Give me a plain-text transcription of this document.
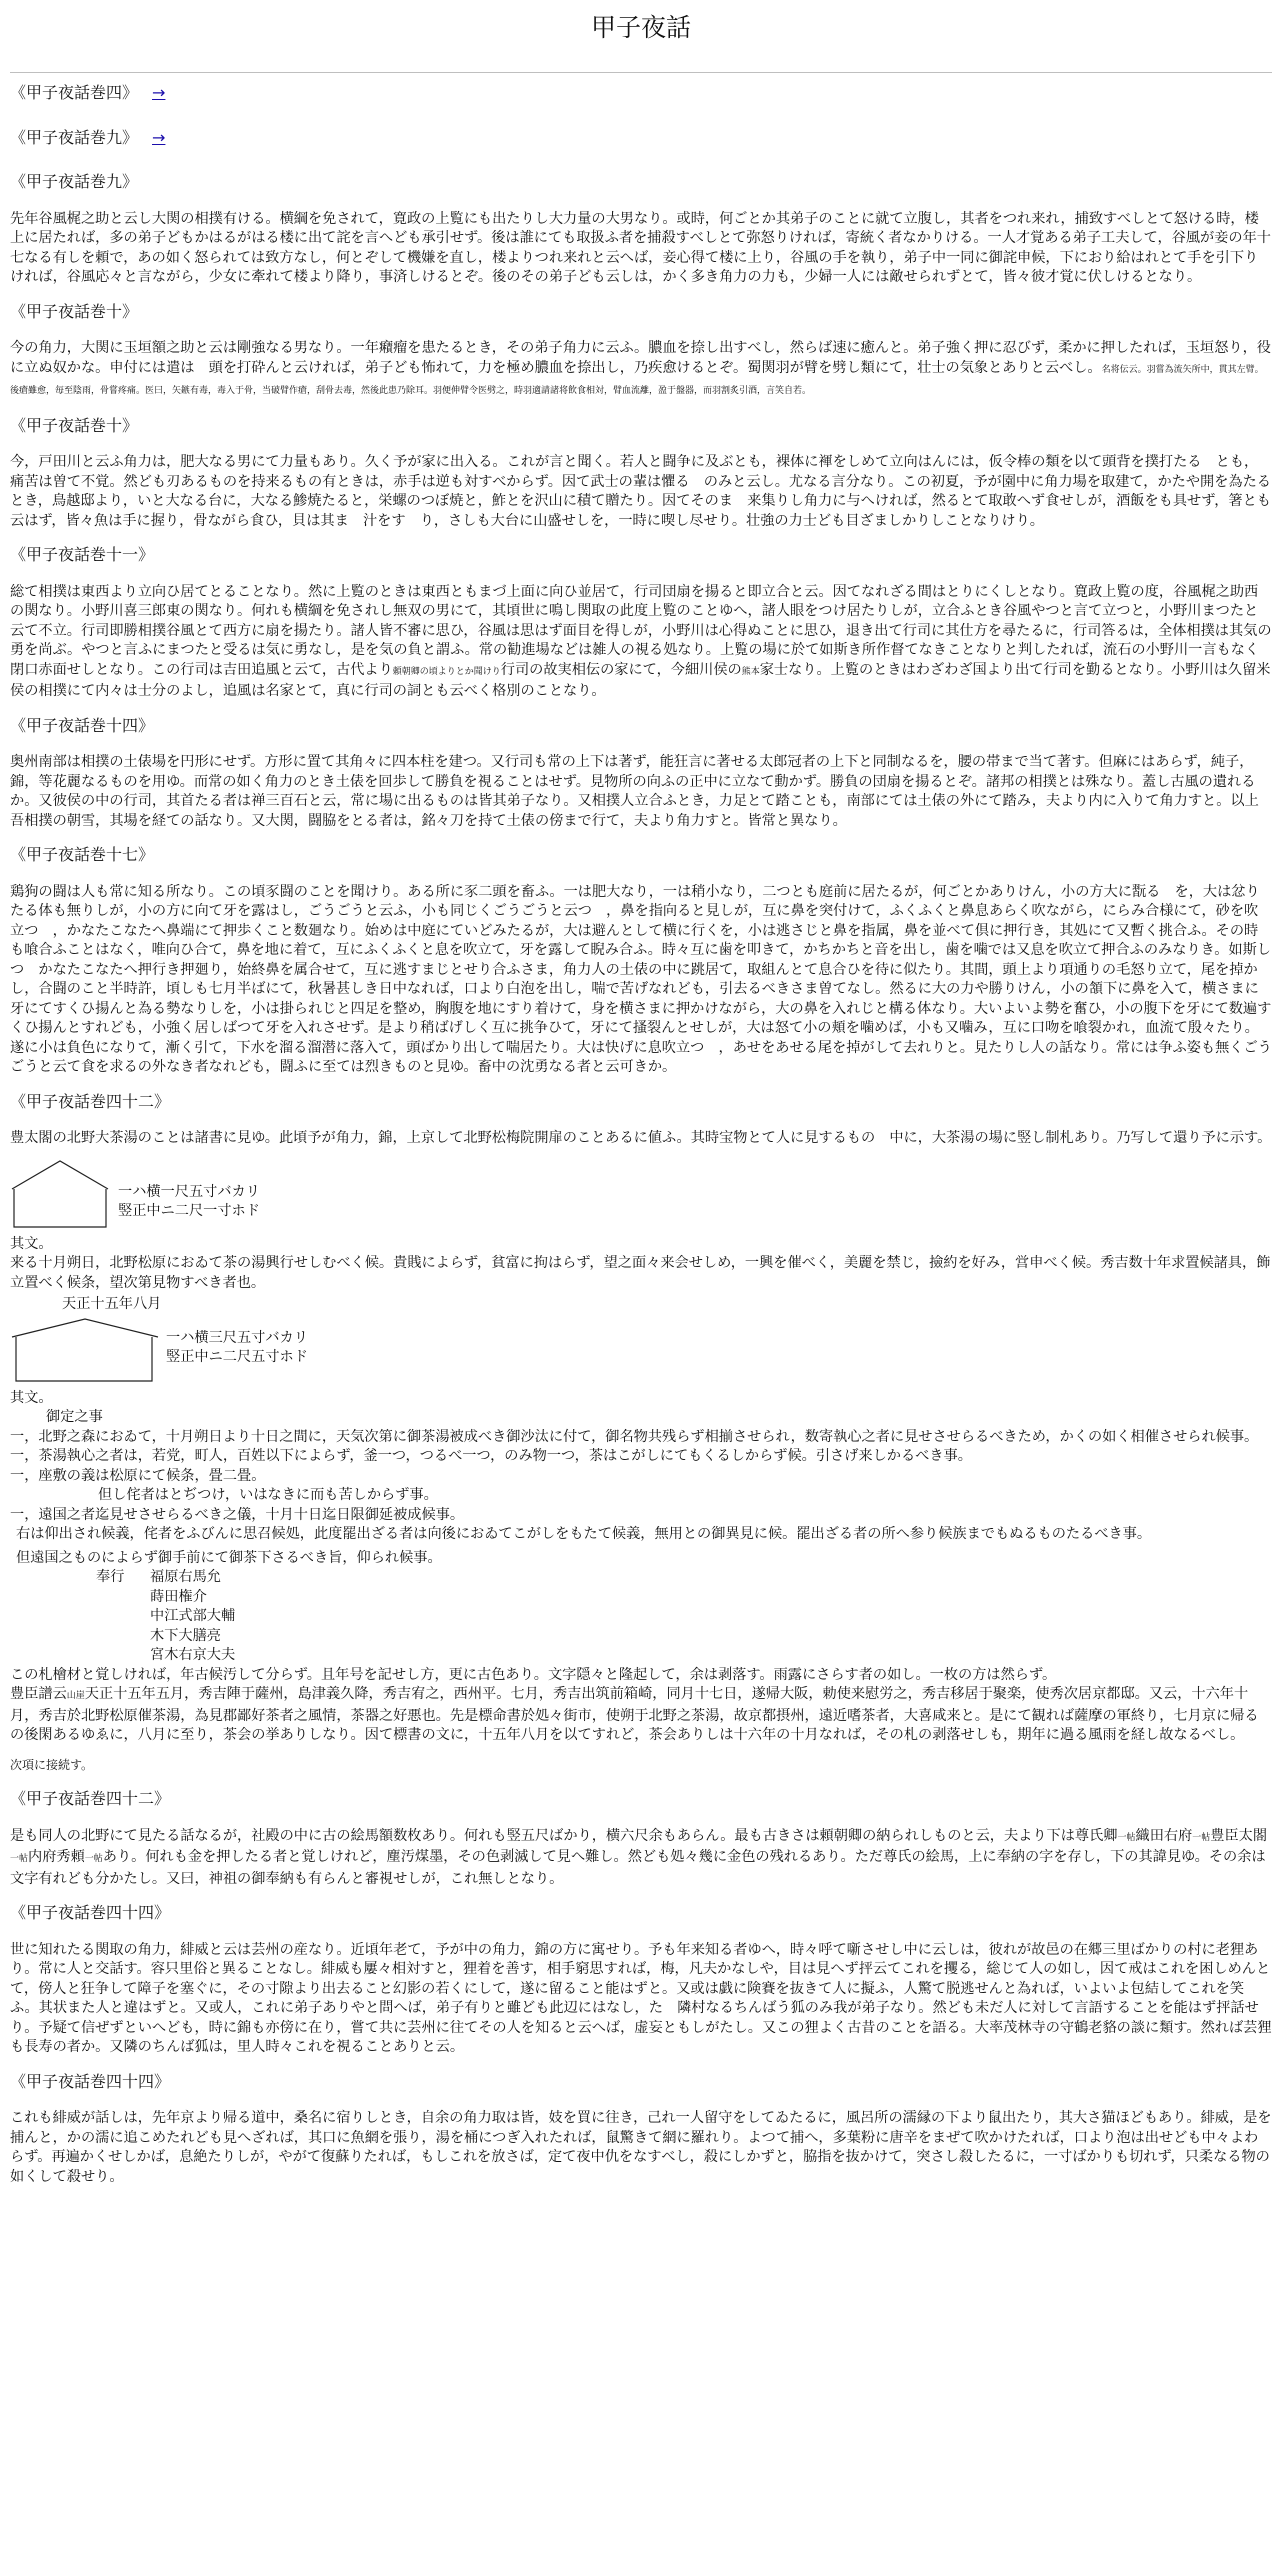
甲子夜話
《甲子夜話巻四》 →
《甲子夜話巻九》 →
《甲子夜話巻九》

先年谷風梶之助と云し大関の相撲有ける。横綱を免されて，寛政の上覧にも出たりし大力量の大男なり。或時，何ごとか其弟子のことに就て立腹し，其者をつれ来れ，捕致すべしとて怒ける時，楼上に居たれば，多の弟子どもかはるがはる楼に出て詫を言へども承引せず。後は誰にても取扱ふ者を捕殺すべしとて弥怒りければ，寄統く者なかりける。一人才覚ある弟子工夫して，谷風が妾の年十七なる有しを頼で，あの如く怒られては致方なし，何とぞして機嫌を直し，楼よりつれ来れと云へば，妾心得て楼に上り，谷風の手を執り，弟子中一同に御詫申候，下におり給はれとて手を引下りければ，谷風応々と言ながら，少女に牽れて楼より降り，事済しけるとぞ。後のその弟子ども云しは，かく多き角力の力も，少婦一人には敵せられずとて，皆々彼才覚に伏しけるとなり。

《甲子夜話巻十》

今の角力，大関に玉垣額之助と云は剛強なる男なり。一年癪瘤を患たるとき，その弟子角力に云ふ。膿血を捺し出すべし，然らば速に癒んと。弟子強く押に忍びず，柔かに押したれば，玉垣怒り，役に立ぬ奴かな。申付には遣は　頭を打砕んと云ければ，弟子ども怖れて，力を極め膿血を捺出し，乃疾愈けるとぞ。蜀関羽が臂を劈し類にて，壮士の気象とありと云べし。名将伝云。羽嘗為流矢所中，貫其左臂。後瘡雖愈，毎至陰雨，骨嘗疼痛。医曰，矢鏃有毒，毒入于骨，当破臂作瘡，刮骨去毒，然後此患乃除耳。羽便伸臂令医劈之，時羽適請諸将飲食相対，臂血流離，盈于盤器，而羽割炙引酒，言笑自若。

《甲子夜話巻十》

今，戸田川と云ふ角力は，肥大なる男にて力量もあり。久く予が家に出入る。これが言と聞く。若人と闘争に及ぶとも，裸体に褌をしめて立向はんには，仮令棒の類を以て頭背を撲打たる　とも，痛苦は曽て不覚。然ども刃あるものを持来るもの有ときは，赤手は逆も対すべからず。因て武士の輩は懼る　のみと云し。尤なる言分なり。この初夏，予が園中に角力場を取建て，かたや開を為たるとき，鳥越邸より，いと大なる台に，大なる鯵焼たると，栄螺のつぼ焼と，鮓とを沢山に積て贈たり。因てそのま　来集りし角力に与へければ，然るとて取敢へず食せしが，酒飯をも具せず，箸とも云はず，皆々魚は手に握り，骨ながら食ひ，貝は其ま　汁をす　り，さしも大台に山盛せしを，一時に喫し尽せり。壮強の力士ども目ざましかりしことなりけり。

《甲子夜話巻十一》

総て相撲は東西より立向ひ居てとることなり。然に上覧のときは東西ともまづ上面に向ひ並居て，行司団扇を揚ると即立合と云。因てなれざる間はとりにくしとなり。寛政上覧の度，谷風梶之助西の関なり。小野川喜三郎東の関なり。何れも横綱を免されし無双の男にて，其頃世に鳴し関取の此度上覧のことゆへ，諸人眼をつけ居たりしが，立合ふとき谷風やつと言て立つと，小野川まつたと云て不立。行司即勝相撲谷風とて西方に扇を揚たり。諸人皆不審に思ひ，谷風は思はず面目を得しが，小野川は心得ぬことに思ひ，退き出て行司に其仕方を尋たるに，行司答るは，全体相撲は其気の勇を尚ぶ。やつと言ふにまつたと受るは気に勇なし，是を気の負と謂ふ。常の勧進場などは雑人の視る処なり。上覧の場に於て如斯き所作督てなきことなりと判したれば，流石の小野川一言もなく閉口赤面せしとなり。この行司は吉田追風と云て，古代より頼朝卿の頃よりとか聞けり行司の故実相伝の家にて，今細川侯の熊本家士なり。上覧のときはわざわざ国より出て行司を勤るとなり。小野川は久留米侯の相撲にて内々は士分のよし，追風は名家とて，真に行司の詞とも云べく格別のことなり。

《甲子夜話巻十四》

奥州南部は相撲の土俵場を円形にせず。方形に置て其角々に四本柱を建つ。又行司も常の上下は著ず，能狂言に著せる太郎冠者の上下と同制なるを，腰の帯まで当て著す。但麻にはあらず，純子，錦，等花麗なるものを用ゆ。而常の如く角力のとき土俵を回歩して勝負を視ることはせず。見物所の向ふの正中に立なて動かず。勝負の団扇を揚るとぞ。諸邦の相撲とは殊なり。蓋し古風の遺れるか。又彼侯の中の行司，其首たる者は禅三百石と云，常に場に出るものは皆其弟子なり。又相撲人立合ふとき，力足とて踏ことも，南部にては土俵の外にて踏み，夫より内に入りて角力すと。以上吾相撲の朝雪，其場を経ての話なり。又大関，闘脇をとる者は，銘々刀を持て土俵の傍まで行て，夫より角力すと。皆常と異なり。

《甲子夜話巻十七》

鶏狗の闘は人も常に知る所なり。この頃豕闘のことを聞けり。ある所に豕二頭を畜ふ。一は肥大なり，一は稍小なり，二つとも庭前に居たるが，何ごとかありけん，小の方大に翫る　を，大は忿りたる体も無りしが，小の方に向て牙を露はし，ごうごうと云ふ，小も同じくごうごうと云つ　，鼻を指向ると見しが，互に鼻を突付けて，ふくふくと鼻息あらく吹ながら，にらみ合様にて，砂を吹立つ　，かなたこなたへ鼻端にて押歩くこと数廻なり。始めは中庭にていどみたるが，大は避んとして横に行くを，小は逃さじと鼻を指属，鼻を並べて倶に押行き，其処にて又暫く挑合ふ。その時も喰合ふことはなく，唯向ひ合て，鼻を地に着て，互にふくふくと息を吹立て，牙を露して睨み合ふ。時々互に歯を叩きて，かちかちと音を出し，歯を噛では又息を吹立て押合ふのみなりき。如斯しつ　かなたこなたへ押行き押廻り，始終鼻を属合せて，互に逃すまじとせり合ふさま，角力人の土俵の中に跳居て，取組んとて息合ひを待に似たり。其間，頭上より項通りの毛怒り立て，尾を掉かし，合闘のこと半時許，頃しも七月半ばにて，秋暑甚しき日中なれば，口より白泡を出し，喘で苦げなれども，引去るべきさま曽てなし。然るに大の力や勝りけん，小の頷下に鼻を入て，横さまに牙にてすくひ揚んと為る勢なりしを，小は掛られじと四足を整め，胸腹を地にすり着けて，身を横さまに押かけながら，大の鼻を入れじと構る体なり。大いよいよ勢を奮ひ，小の腹下を牙にて数遍すくひ揚んとすれども，小強く居しばつて牙を入れさせず。是より稍ばげしく互に挑争ひて，牙にて搔裂んとせしが，大は怒て小の頬を噛めば，小も又噛み，互に口吻を喰裂かれ，血流て殷々たり。遂に小は負色になりて，漸く引て，下水を溜る溜潜に落入て，頭ばかり出して喘居たり。大は快げに息吹立つ　，あせをあせる尾を掉がして去れりと。見たりし人の話なり。常には争ふ姿も無くごうごうと云て食を求るの外なき者なれども，闘ふに至ては烈きものと見ゆ。畜中の沈勇なる者と云可きか。

《甲子夜話巻四十二》

豊太閤の北野大茶湯のことは諸書に見ゆ。此頃予が角力，錦，上京して北野松梅院開扉のことあるに値ふ。其時宝物とて人に見するもの　中に，大茶湯の場に竪し制札あり。乃写して還り予に示す。

一ハ横一尺五寸バカリ
竪正中ニ二尺一寸ホド
其文。

来る十月朔日，北野松原におゐて茶の湯興行せしむべく候。貴賎によらず，貧富に拘はらず，望之面々来会せしめ，一興を催べく，美麗を禁じ，撿約を好み，営申べく候。秀吉数十年求置候諸具，飾立置べく候条，望次第見物すべき者也。

天正十五年八月
一ハ横三尺五寸バカリ
竪正中ニ二尺五寸ホド
其文。
御定之事
一，北野之森におゐて，十月朔日より十日之間に，天気次第に御茶湯被成べき御沙汰に付て，御名物共残らず相揃させられ，数寄執心之者に見せさせらるべきため，かくの如く相催させられ候事。
一，茶湯執心之者は，若党，町人，百姓以下によらず，釜一つ，つるべ一つ，のみ物一つ，茶はこがしにてもくるしからず候。引さげ来しかるべき事。
一，座敷の義は松原にて候条，畳二畳。
但し侘者はとぢつけ，いはなきに而も苦しからず事。
一，遠国之者迄見せさせらるべき之儀，十月十日迄日限御延被成候事。
右は仰出され候義，侘者をふびんに思召候処，此度罷出ざる者は向後におゐてこがしをもたて候義，無用との御異見に候。罷出ざる者の所へ参り候族までもぬるものたるべき事。
但遠国之ものによらず御手前にて御茶下さるべき旨，仰られ候事。
奉行	福原右馬允
蒔田権介
中江式部大輔
木下大膳亮
宮木右京大夫

この札檜材と覚しければ，年古候汚して分らず。且年号を記せし方，更に古色あり。文字隠々と隆起して，余は剥落す。雨露にさらす者の如し。一枚の方は然らず。

豊臣譜云山崖天正十五年五月，秀吉陣于薩州，島津義久降，秀吉宥之，西州平。七月，秀吉出筑前箱崎，同月十七日，遂帰大阪，勅使来慰労之，秀吉移居于聚楽，使秀次居京都邸。又云，十六年十月，秀吉於北野松原催茶湯，為見郡鄙好茶者之風情，茶器之好悪也。先是標命書於処々街市，使朔于北野之茶湯，故京都摂州，遠近嗜茶者，大喜咸来と。是にて観れば薩摩の軍終り，七月京に帰るの後閑あるゆゑに，八月に至り，茶会の挙ありしなり。因て標書の文に，十五年八月を以てすれど，茶会ありしは十六年の十月なれば，その札の剥落せしも，期年に過る風雨を経し故なるべし。

次項に接続す。
《甲子夜話巻四十二》

是も同人の北野にて見たる話なるが，社殿の中に古の絵馬額数枚あり。何れも竪五尺ばかり，横六尺余もあらん。最も古きさは頼朝卿の納られしものと云，夫より下は尊氏卿一帖織田右府一帖豊臣太閤一帖内府秀頼一帖あり。何れも金を押したる者と覚しけれど，塵汚煤墨，その色剥滅して見へ難し。然ども処々幾に金色の残れるあり。ただ尊氏の絵馬，上に奉納の字を存し，下の其諱見ゆ。その余は文字有れども分かたし。又曰，神祖の御奉納も有らんと審視せしが，これ無しとなり。

《甲子夜話巻四十四》

世に知れたる関取の角力，緋威と云は芸州の産なり。近頃年老て，予が中の角力，錦の方に寓せり。予も年来知る者ゆへ，時々呼て噺させし中に云しは，彼れが故邑の在郷三里ばかりの村に老狸あり。常に人と交話す。容只里俗と異ることなし。緋威も屢々相対すと，狸着を善す，相手窮思すれば，梅，凡夫かなしや，目は見へず抨云てこれを攫る，総じて人の如し，因て戒はこれを困しめんとて，傍人と狂争して障子を塞ぐに，その寸隙より出去ること幻影の若くにして，遂に留ること能はずと。又或は戯に険賽を抜きて人に擬ふ，人驚て脱逃せんと為れば，いよいよ包結してこれを笑ふ。其状また人と違はずと。又或人，これに弟子ありやと問へば，弟子有りと雖ども此辺にはなし，た　隣村なるちんばう狐のみ我が弟子なり。然ども未だ人に対して言語することを能はず抨話せり。予疑て信ぜずといへども，時に錦も亦傍に在り，嘗て共に芸州に往てその人を知ると云へば，虚妄ともしがたし。又この狸よく古昔のことを語る。大率茂林寺の守鶴老貉の談に類す。然れば芸狸も長寿の者か。又隣のちんば狐は，里人時々これを視ることありと云。

《甲子夜話巻四十四》

これも緋威が話しは，先年京より帰る道中，桑名に宿りしとき，自余の角力取は皆，妓を買に往き，己れ一人留守をしてゐたるに，風呂所の濡縁の下より鼠出たり，其大さ猫ほどもあり。緋威，是を捕んと，かの濡に追こめたれども見へざれば，其口に魚網を張り，湯を桶につぎ入れたれば，鼠驚きて網に羅れり。よつて捕へ，多葉粉に唐辛をまぜて吹かけたれば，口より泡は出せども中々よわらず。再遍かくせしかば，息絶たりしが，やがて復蘇りたれば，もしこれを放さば，定て夜中仇をなすべし，殺にしかずと，脇指を抜かけて，突さし殺したるに，一寸ばかりも切れず，只柔なる物の如くして殺せり。
